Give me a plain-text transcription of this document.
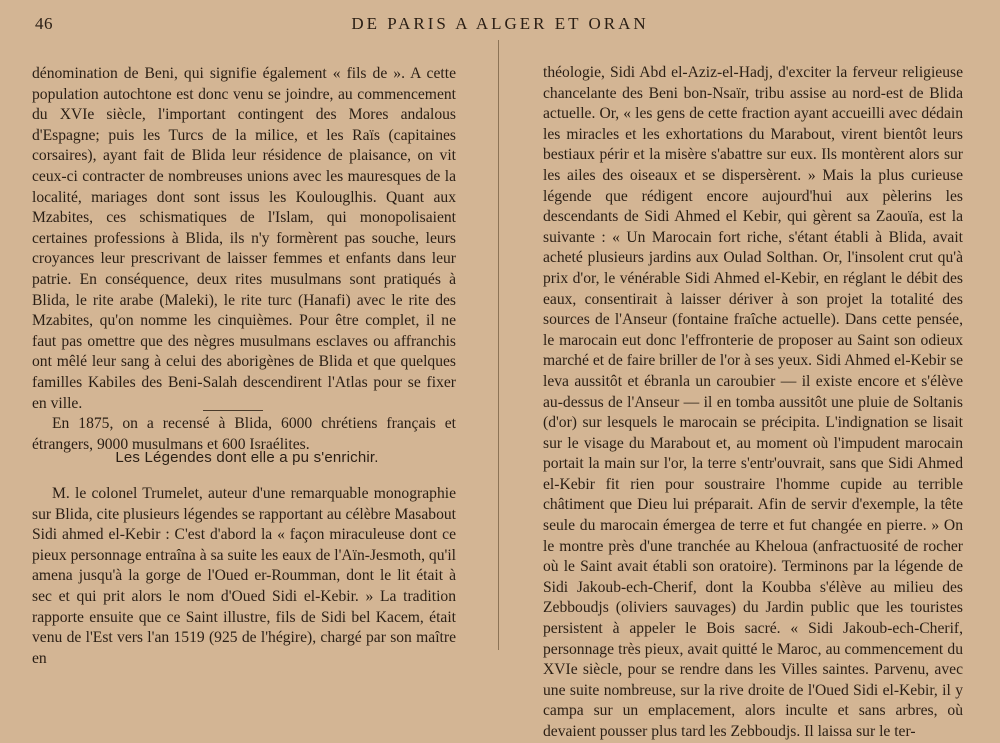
46	DE PARIS A ALGER ET ORAN

dénomination de Beni, qui signifie également « fils de ». A cette population autochtone est donc venu se joindre, au commencement du XVIe siècle, l'important contingent des Mores andalous d'Espagne; puis les Turcs de la milice, et les Raïs (capitaines corsaires), ayant fait de Blida leur résidence de plaisance, on vit ceux-ci contracter de nombreuses unions avec les mauresques de la localité, mariages dont sont issus les Koulouglhis. Quant aux Mzabites, ces schismatiques de l'Islam, qui monopolisaient certaines professions à Blida, ils n'y formèrent pas souche, leurs croyances leur prescrivant de laisser femmes et enfants dans leur patrie. En conséquence, deux rites musulmans sont pratiqués à Blida, le rite arabe (Maleki), le rite turc (Hanafi) avec le rite des Mzabites, qu'on nomme les cinquièmes. Pour être complet, il ne faut pas omettre que des nègres musulmans esclaves ou affranchis ont mêlé leur sang à celui des aborigènes de Blida et que quelques familles Kabiles des Beni-Salah descendirent l'Atlas pour se fixer en ville.

En 1875, on a recensé à Blida, 6000 chrétiens français et étrangers, 9000 musulmans et 600 Israélites.

Les Légendes dont elle a pu s'enrichir.

M. le colonel Trumelet, auteur d'une remarquable monographie sur Blida, cite plusieurs légendes se rapportant au célèbre Masabout Sidi ahmed el-Kebir : C'est d'abord la « façon miraculeuse dont ce pieux personnage entraîna à sa suite les eaux de l'Aïn-Jesmoth, qu'il amena jusqu'à la gorge de l'Oued er-Roumman, dont le lit était à sec et qui prit alors le nom d'Oued Sidi el-Kebir. » La tradition rapporte ensuite que ce Saint illustre, fils de Sidi bel Kacem, était venu de l'Est vers l'an 1519 (925 de l'hégire), chargé par son maître en

théologie, Sidi Abd el-Aziz-el-Hadj, d'exciter la ferveur religieuse chancelante des Beni bon-Nsaïr, tribu assise au nord-est de Blida actuelle. Or, « les gens de cette fraction ayant accueilli avec dédain les miracles et les exhortations du Marabout, virent bientôt leurs bestiaux périr et la misère s'abattre sur eux. Ils montèrent alors sur les ailes des oiseaux et se dispersèrent. » Mais la plus curieuse légende que rédigent encore aujourd'hui aux pèlerins les descendants de Sidi Ahmed el Kebir, qui gèrent sa Zaouïa, est la suivante : « Un Marocain fort riche, s'étant établi à Blida, avait acheté plusieurs jardins aux Oulad Solthan. Or, l'insolent crut qu'à prix d'or, le vénérable Sidi Ahmed el-Kebir, en réglant le débit des eaux, consentirait à laisser dériver à son projet la totalité des sources de l'Anseur (fontaine fraîche actuelle). Dans cette pensée, le marocain eut donc l'effronterie de proposer au Saint son odieux marché et de faire briller de l'or à ses yeux. Sidi Ahmed el-Kebir se leva aussitôt et ébranla un caroubier — il existe encore et s'élève au-dessus de l'Anseur — il en tomba aussitôt une pluie de Soltanis (d'or) sur lesquels le marocain se précipita. L'indignation se lisait sur le visage du Marabout et, au moment où l'impudent marocain portait la main sur l'or, la terre s'entr'ouvrait, sans que Sidi Ahmed el-Kebir fit rien pour soustraire l'homme cupide au terrible châtiment que Dieu lui préparait. Afin de servir d'exemple, la tête seule du marocain émergea de terre et fut changée en pierre. » On le montre près d'une tranchée au Kheloua (anfractuosité de rocher où le Saint avait établi son oratoire). Terminons par la légende de Sidi Jakoub-ech-Cherif, dont la Koubba s'élève au milieu des Zebboudjs (oliviers sauvages) du Jardin public que les touristes persistent à appeler le Bois sacré. « Sidi Jakoub-ech-Cherif, personnage très pieux, avait quitté le Maroc, au commencement du XVIe siècle, pour se rendre dans les Villes saintes. Parvenu, avec une suite nombreuse, sur la rive droite de l'Oued Sidi el-Kebir, il y campa sur un emplacement, alors inculte et sans arbres, où devaient pousser plus tard les Zebboudjs. Il laissa sur le ter-
